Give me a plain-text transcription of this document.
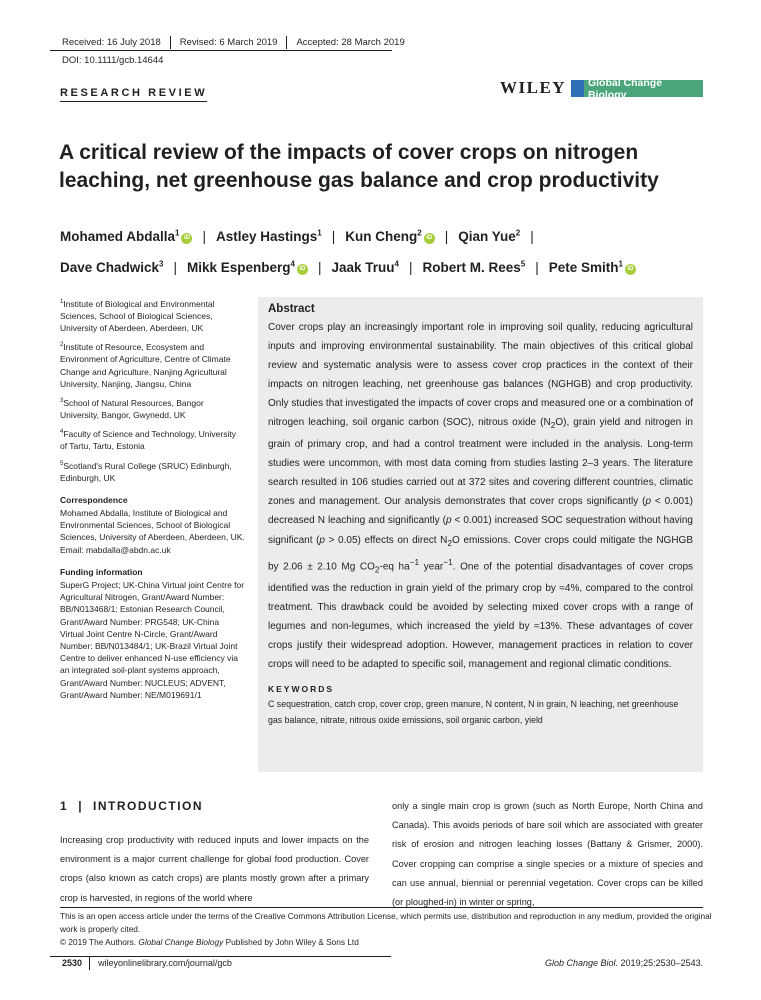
Received: 16 July 2018 Revised: 6 March 2019 Accepted: 28 March 2019
DOI: 10.1111/gcb.14644
RESEARCH REVIEW	WILEY Global Change Biology
A critical review of the impacts of cover crops on nitrogen leaching, net greenhouse gas balance and crop productivity
Mohamed Abdalla$^1$iD | Astley Hastings$^1$ | Kun Cheng$^2$iD | Qian Yue$^2$ |
Dave Chadwick$^3$ | Mikk Espenberg$^4$iD | Jaak Truu$^4$ | Robert M. Rees$^5$ | Pete Smith$^1$iD

$^1$Institute of Biological and Environmental Sciences, School of Biological Sciences, University of Aberdeen, Aberdeen, UK

$^2$Institute of Resource, Ecosystem and Environment of Agriculture, Centre of Climate Change and Agriculture, Nanjing Agricultural University, Nanjing, Jiangsu, China

$^3$School of Natural Resources, Bangor University, Bangor, Gwynedd, UK

$^4$Faculty of Science and Technology, University of Tartu, Tartu, Estonia

$^5$Scotland's Rural College (SRUC) Edinburgh, Edinburgh, UK

Correspondence

Mohamed Abdalla, Institute of Biological and Environmental Sciences, School of Biological Sciences, University of Aberdeen, Aberdeen, UK.
Email: mabdalla@abdn.ac.uk

Funding information

SuperG Project; UK-China Virtual joint Centre for Agricultural Nitrogen, Grant/Award Number: BB/N013468/1; Estonian Research Council, Grant/Award Number: PRG548; UK-China Virtual Joint Centre N-Circle, Grant/Award Number: BB/N013484/1; UK-Brazil Virtual Joint Centre to deliver enhanced N-use efficiency via an integrated soil-plant systems approach, Grant/Award Number: NUCLEUS; ADVENT, Grant/Award Number: NE/M019691/1

Abstract
Cover crops play an increasingly important role in improving soil quality, reducing agricultural inputs and improving environmental sustainability. The main objectives of this critical global review and systematic analysis were to assess cover crop practices in the context of their impacts on nitrogen leaching, net greenhouse gas balances (NGHGB) and crop productivity. Only studies that investigated the impacts of cover crops and measured one or a combination of nitrogen leaching, soil organic carbon (SOC), nitrous oxide $(N_2O)$, grain yield and nitrogen in grain of primary crop, and had a control treatment were included in the analysis. Long-term studies were uncommon, with most data coming from studies lasting 2–3 years. The literature search resulted in 106 studies carried out at 372 sites and covering different countries, climatic zones and management. Our analysis demonstrates that cover crops significantly (p < 0.001) decreased N leaching and significantly (p < 0.001) increased SOC sequestration without having significant (p > 0.05) effects on direct $N_2O$ emissions. Cover crops could mitigate the NGHGB by 2.06 ± 2.10 Mg $CO_2-eq$ $ha^{-1}$ year$^{-1}$. One of the potential disadvantages of cover crops identified was the reduction in grain yield of the primary crop by ≈4%, compared to the control treatment. This drawback could be avoided by selecting mixed cover crops with a range of legumes and non-legumes, which increased the yield by ≈13%. These advantages of cover crops justify their widespread adoption. However, management practices in relation to cover crops will need to be adapted to specific soil, management and regional climatic conditions.
KEYWORDS
C sequestration, catch crop, cover crop, green manure, N content, N in grain, N leaching, net greenhouse gas balance, nitrate, nitrous oxide emissions, soil organic carbon, yield
1 | INTRODUCTION
Increasing crop productivity with reduced inputs and lower impacts on the environment is a major current challenge for global food production. Cover crops (also known as catch crops) are plants mostly grown after a primary crop is harvested, in regions of the world where
only a single main crop is grown (such as North Europe, North China and Canada). This avoids periods of bare soil which are associated with greater risk of erosion and nitrogen leaching losses (Battany & Grismer, 2000). Cover cropping can comprise a single species or a mixture of species and can use annual, biennial or perennial vegetation. Cover crops can be killed (or ploughed-in) in winter or spring,
This is an open access article under the terms of the Creative Commons Attribution License, which permits use, distribution and reproduction in any medium, provided the original work is properly cited.
© 2019 The Authors. Global Change Biology Published by John Wiley & Sons Ltd
2530 wileyonlinelibrary.com/journal/gcb	Glob Change Biol. 2019;25:2530–2543.
